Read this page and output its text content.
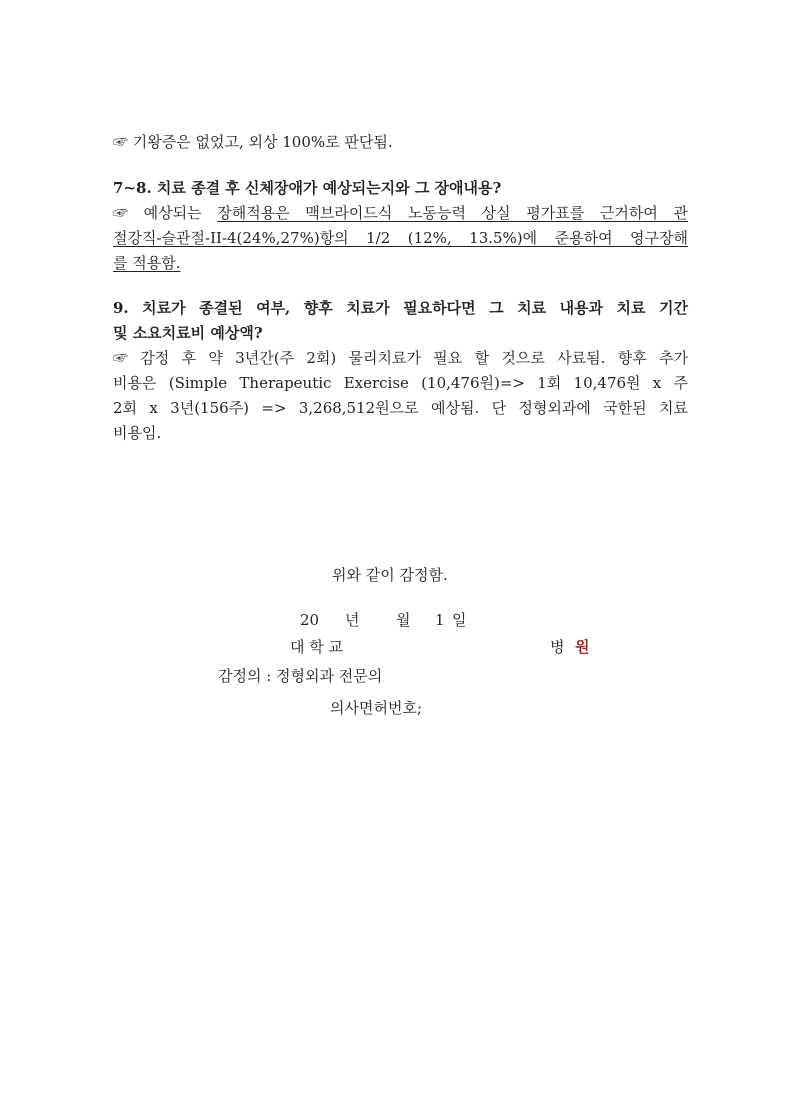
☞ 기왕증은 없었고, 외상 100%로 판단됨.
7~8. 치료 종결 후 신체장애가 예상되는지와 그 장애내용?
☞ 예상되는 장해적용은 맥브라이드식 노동능력 상실 평가표를 근거하여 관
절강직-슬관절-II-4(24%,27%)항의 1/2 (12%, 13.5%)에 준용하여 영구장해
를 적용함.
9. 치료가 종결된 여부, 향후 치료가 필요하다면 그 치료 내용과 치료 기간
및 소요치료비 예상액?
☞ 감정 후 약 3년간(주 2회) 물리치료가 필요 할 것으로 사료됨. 향후 추가
비용은 (Simple Therapeutic Exercise (10,476원)=> 1회 10,476원 x 주
2회 x 3년(156주) => 3,268,512원으로 예상됨. 단 정형외과에 국한된 치료
비용임.
위와 같이 감정함.
20 년 월 1 일
대 학 교	병 원
감정의 : 정형외과 전문의
의사면허번호;
